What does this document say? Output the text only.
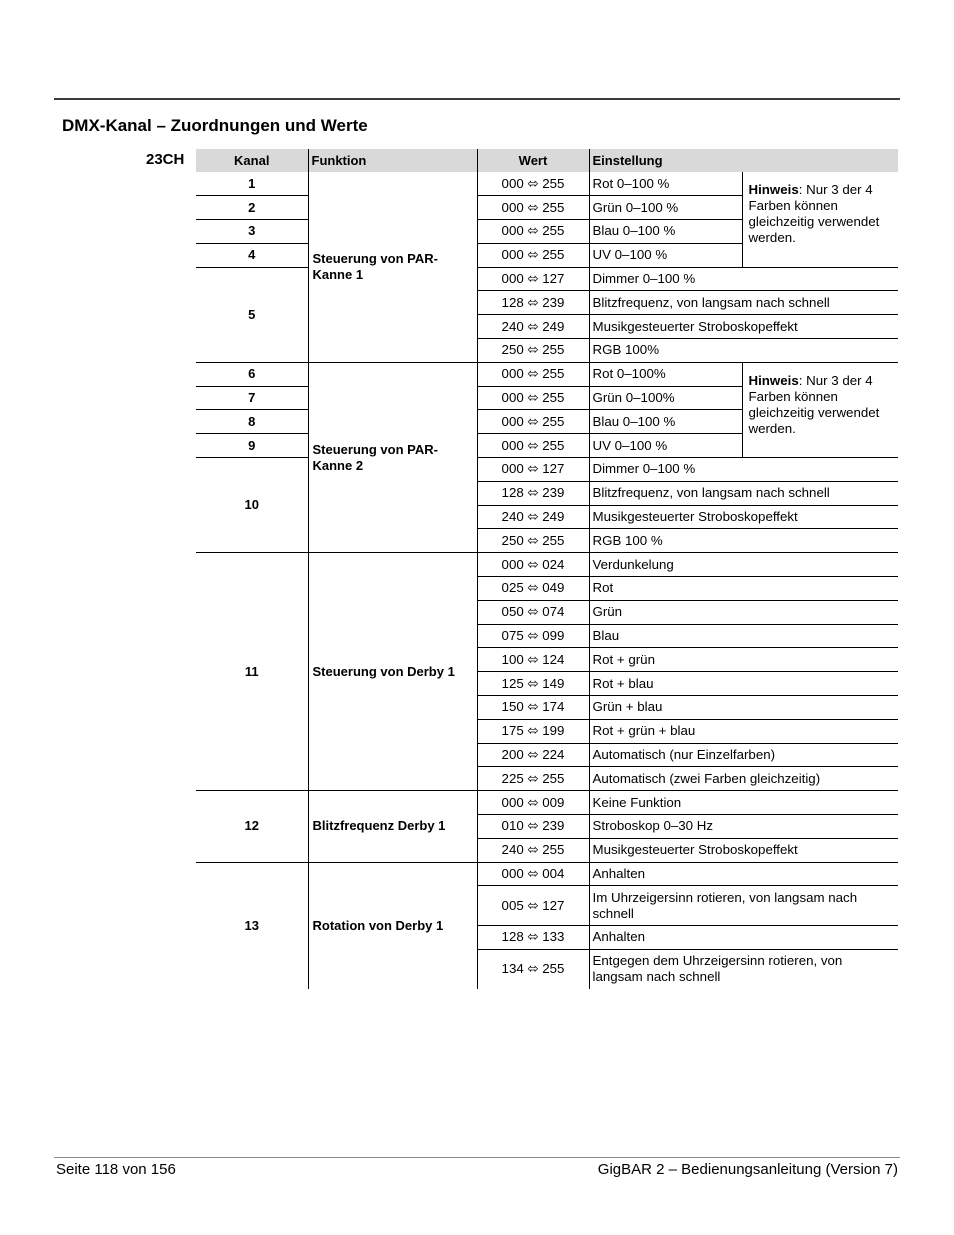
DMX-Kanal – Zuordnungen und Werte
23CH	Kanal	Funktion	Wert	Einstellung	
1	Steuerung von PAR-Kanne 1	000 ⬄ 255	Rot 0–100 %	Hinweis: Nur 3 der 4 Farben können gleichzeitig verwendet werden.
2		000 ⬄ 255	Grün 0–100 %	
3		000 ⬄ 255	Blau 0–100 %	
4		000 ⬄ 255	UV 0–100 %	
5		000 ⬄ 127	Dimmer 0–100 %	
		128 ⬄ 239	Blitzfrequenz, von langsam nach schnell	
		240 ⬄ 249	Musikgesteuerter Stroboskopeffekt	
		250 ⬄ 255	RGB 100%	
6	Steuerung von PAR-Kanne 2	000 ⬄ 255	Rot 0–100%	Hinweis: Nur 3 der 4 Farben können gleichzeitig verwendet werden.
7		000 ⬄ 255	Grün 0–100%	
8		000 ⬄ 255	Blau 0–100 %	
9		000 ⬄ 255	UV 0–100 %	
10		000 ⬄ 127	Dimmer 0–100 %	
		128 ⬄ 239	Blitzfrequenz, von langsam nach schnell	
		240 ⬄ 249	Musikgesteuerter Stroboskopeffekt	
		250 ⬄ 255	RGB 100 %	
11	Steuerung von Derby 1	000 ⬄ 024	Verdunkelung	
		025 ⬄ 049	Rot	
		050 ⬄ 074	Grün	
		075 ⬄ 099	Blau	
		100 ⬄ 124	Rot + grün	
		125 ⬄ 149	Rot + blau	
		150 ⬄ 174	Grün + blau	
		175 ⬄ 199	Rot + grün + blau	
		200 ⬄ 224	Automatisch (nur Einzelfarben)	
		225 ⬄ 255	Automatisch (zwei Farben gleichzeitig)	
12	Blitzfrequenz Derby 1	000 ⬄ 009	Keine Funktion	
		010 ⬄ 239	Stroboskop 0–30 Hz	
		240 ⬄ 255	Musikgesteuerter Stroboskopeffekt	
13	Rotation von Derby 1	000 ⬄ 004	Anhalten	
		005 ⬄ 127	Im Uhrzeigersinn rotieren, von langsam nach schnell	
		128 ⬄ 133	Anhalten	
		134 ⬄ 255	Entgegen dem Uhrzeigersinn rotieren, von langsam nach schnell	
Seite 118 von 156	GigBAR 2 – Bedienungsanleitung (Version 7)
